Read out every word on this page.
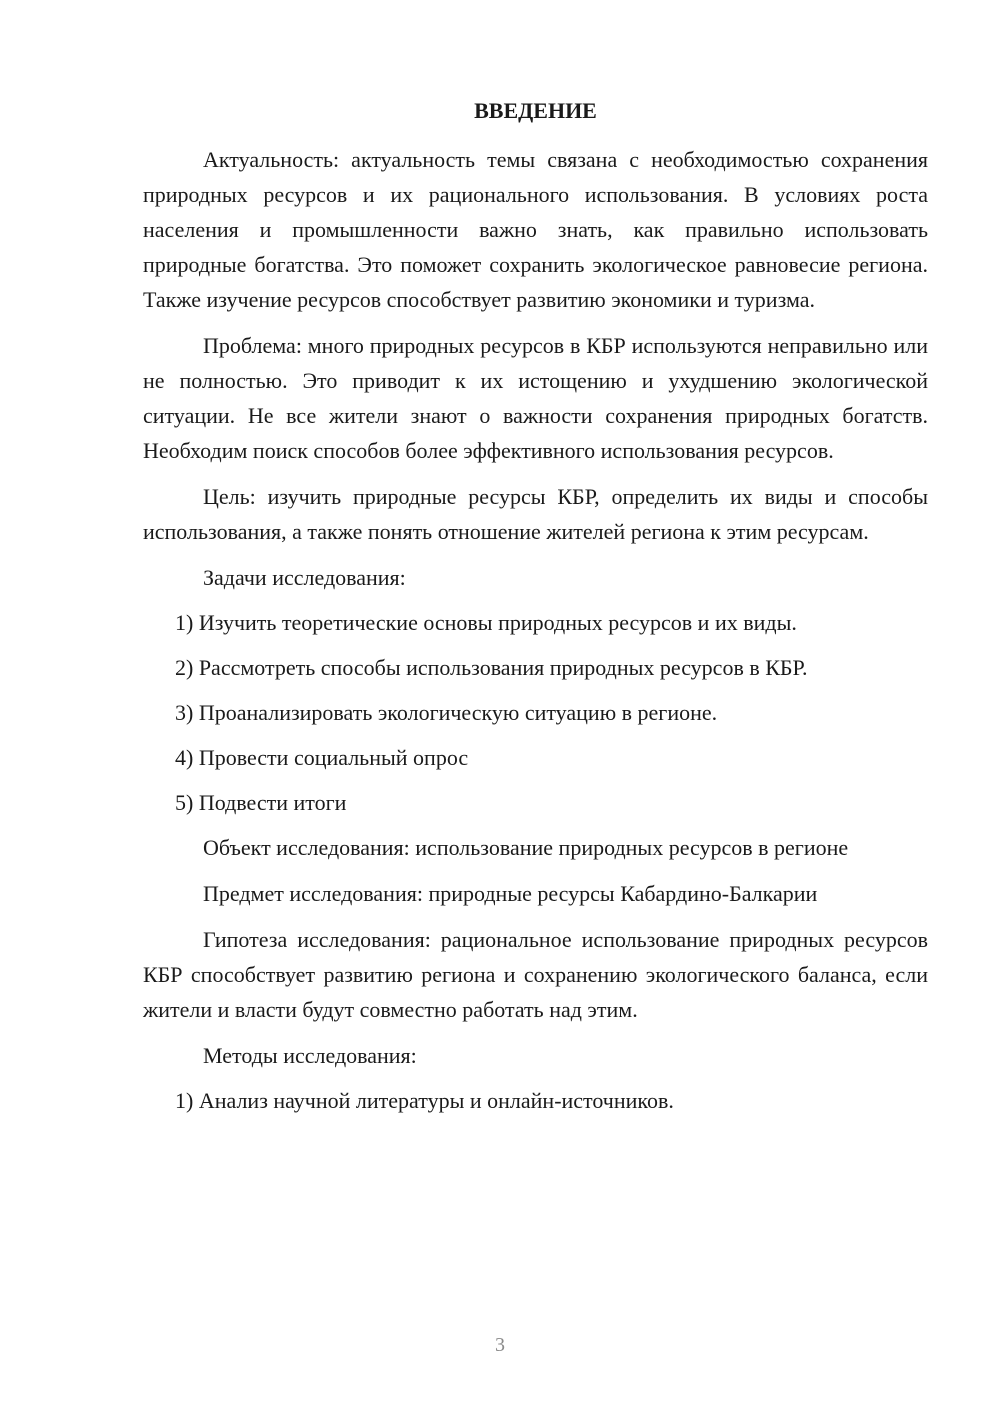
ВВЕДЕНИЕ

Актуальность: актуальность темы связана с необходимостью сохранения природных ресурсов и их рационального использования. В условиях роста населения и промышленности важно знать, как правильно использовать природные богатства. Это поможет сохранить экологическое равновесие региона. Также изучение ресурсов способствует развитию экономики и туризма.

Проблема: много природных ресурсов в КБР используются неправильно или не полностью. Это приводит к их истощению и ухудшению экологической ситуации. Не все жители знают о важности сохранения природных богатств. Необходим поиск способов более эффективного использования ресурсов.

Цель: изучить природные ресурсы КБР, определить их виды и способы использования, а также понять отношение жителей региона к этим ресурсам.

Задачи исследования:

1) Изучить теоретические основы природных ресурсов и их виды.

2) Рассмотреть способы использования природных ресурсов в КБР.

3) Проанализировать экологическую ситуацию в регионе.

4) Провести социальный опрос

5) Подвести итоги

Объект исследования: использование природных ресурсов в регионе

Предмет исследования: природные ресурсы Кабардино-Балкарии

Гипотеза исследования: рациональное использование природных ресурсов КБР способствует развитию региона и сохранению экологического баланса, если жители и власти будут совместно работать над этим.

Методы исследования:

1) Анализ научной литературы и онлайн-источников.

3
